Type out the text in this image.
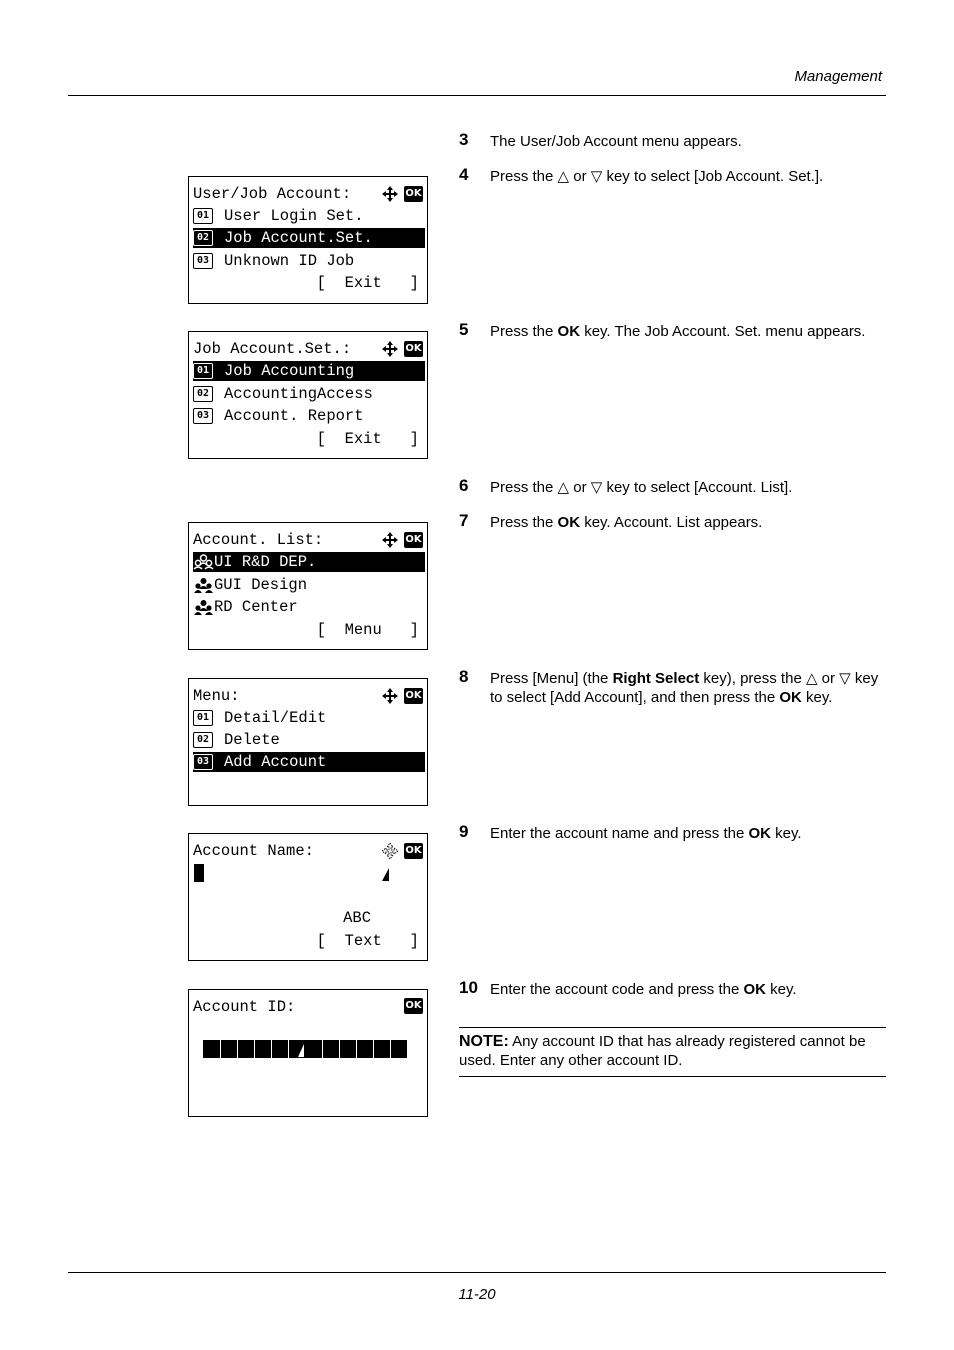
Management
User/Job Account:	OK
01 User Login Set.
02 Job Account.Set.
03 Unknown ID Job
[  Exit   ]
Job Account.Set.:	OK
01 Job Accounting
02 AccountingAccess
03 Account. Report
[  Exit   ]
Account. List:	OK
UI R&D DEP.
GUI Design
RD Center
[  Menu   ]
Menu:	OK
01 Detail/Edit
02 Delete
03 Add Account
Account Name:	OK
ABC
[  Text   ]
Account ID:	OK
3 The User/Job Account menu appears.
4 Press the △ or ▽ key to select [Job Account. Set.].
5 Press the OK key. The Job Account. Set. menu appears.
6 Press the △ or ▽ key to select [Account. List].
7 Press the OK key. Account. List appears.
8 Press [Menu] (the Right Select key), press the △ or ▽ key to select [Add Account], and then press the OK key.
9 Enter the account name and press the OK key.
10 Enter the account code and press the OK key.
NOTE: Any account ID that has already registered cannot be used. Enter any other account ID.
11-20
